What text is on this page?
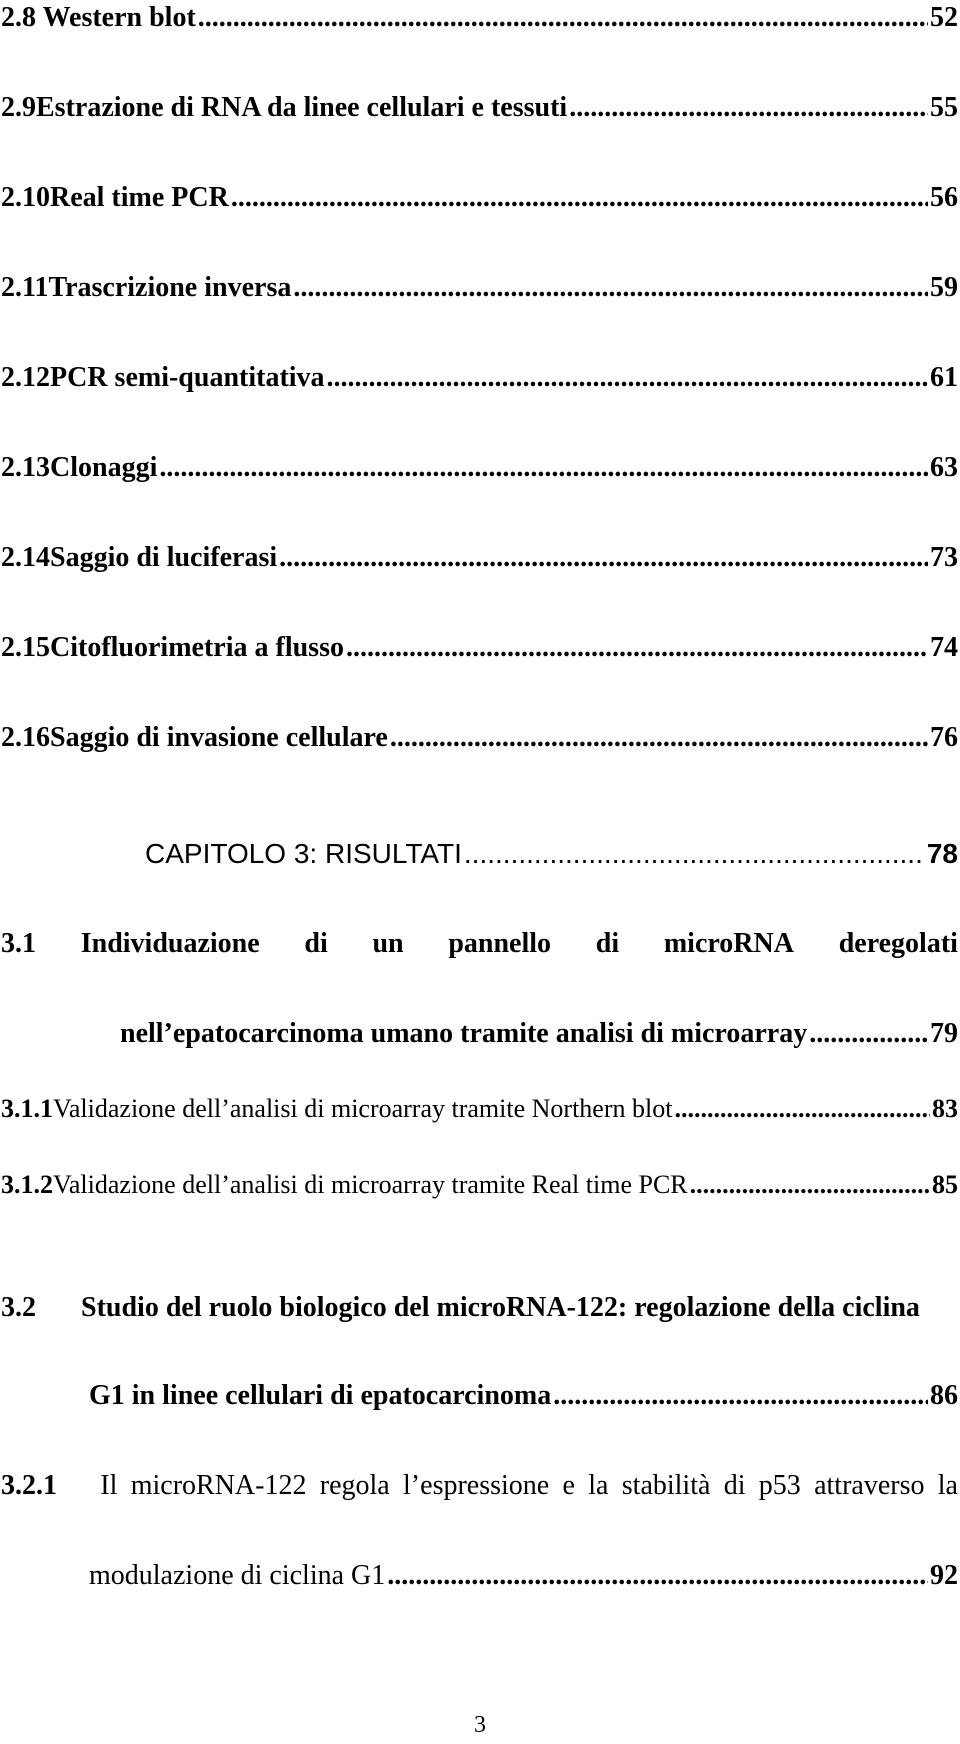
2.8 Western blot .....	52
2.9 Estrazione di RNA da linee cellulari e tessuti .....	55
2.10 Real time PCR .....	56
2.11 Trascrizione inversa .....	59
2.12 PCR semi-quantitativa .....	61
2.13 Clonaggi .....	63
2.14 Saggio di luciferasi .....	73
2.15 Citofluorimetria a flusso .....	74
2.16 Saggio di invasione cellulare .....	76
CAPITOLO 3: RISULTATI .....	78
3.1 Individuazione di un pannello di microRNA deregolati
nell’epatocarcinoma umano tramite analisi di microarray .....	79
3.1.1 Validazione dell’analisi di microarray tramite Northern blot .....	83
3.1.2 Validazione dell’analisi di microarray tramite Real time PCR .....	85
3.2	Studio del ruolo biologico del microRNA-122: regolazione della ciclina
G1 in linee cellulari di epatocarcinoma .....	86
3.2.1	Il microRNA-122 regola l’espressione e la stabilità di p53 attraverso la
modulazione di ciclina G1 .....	92
3
